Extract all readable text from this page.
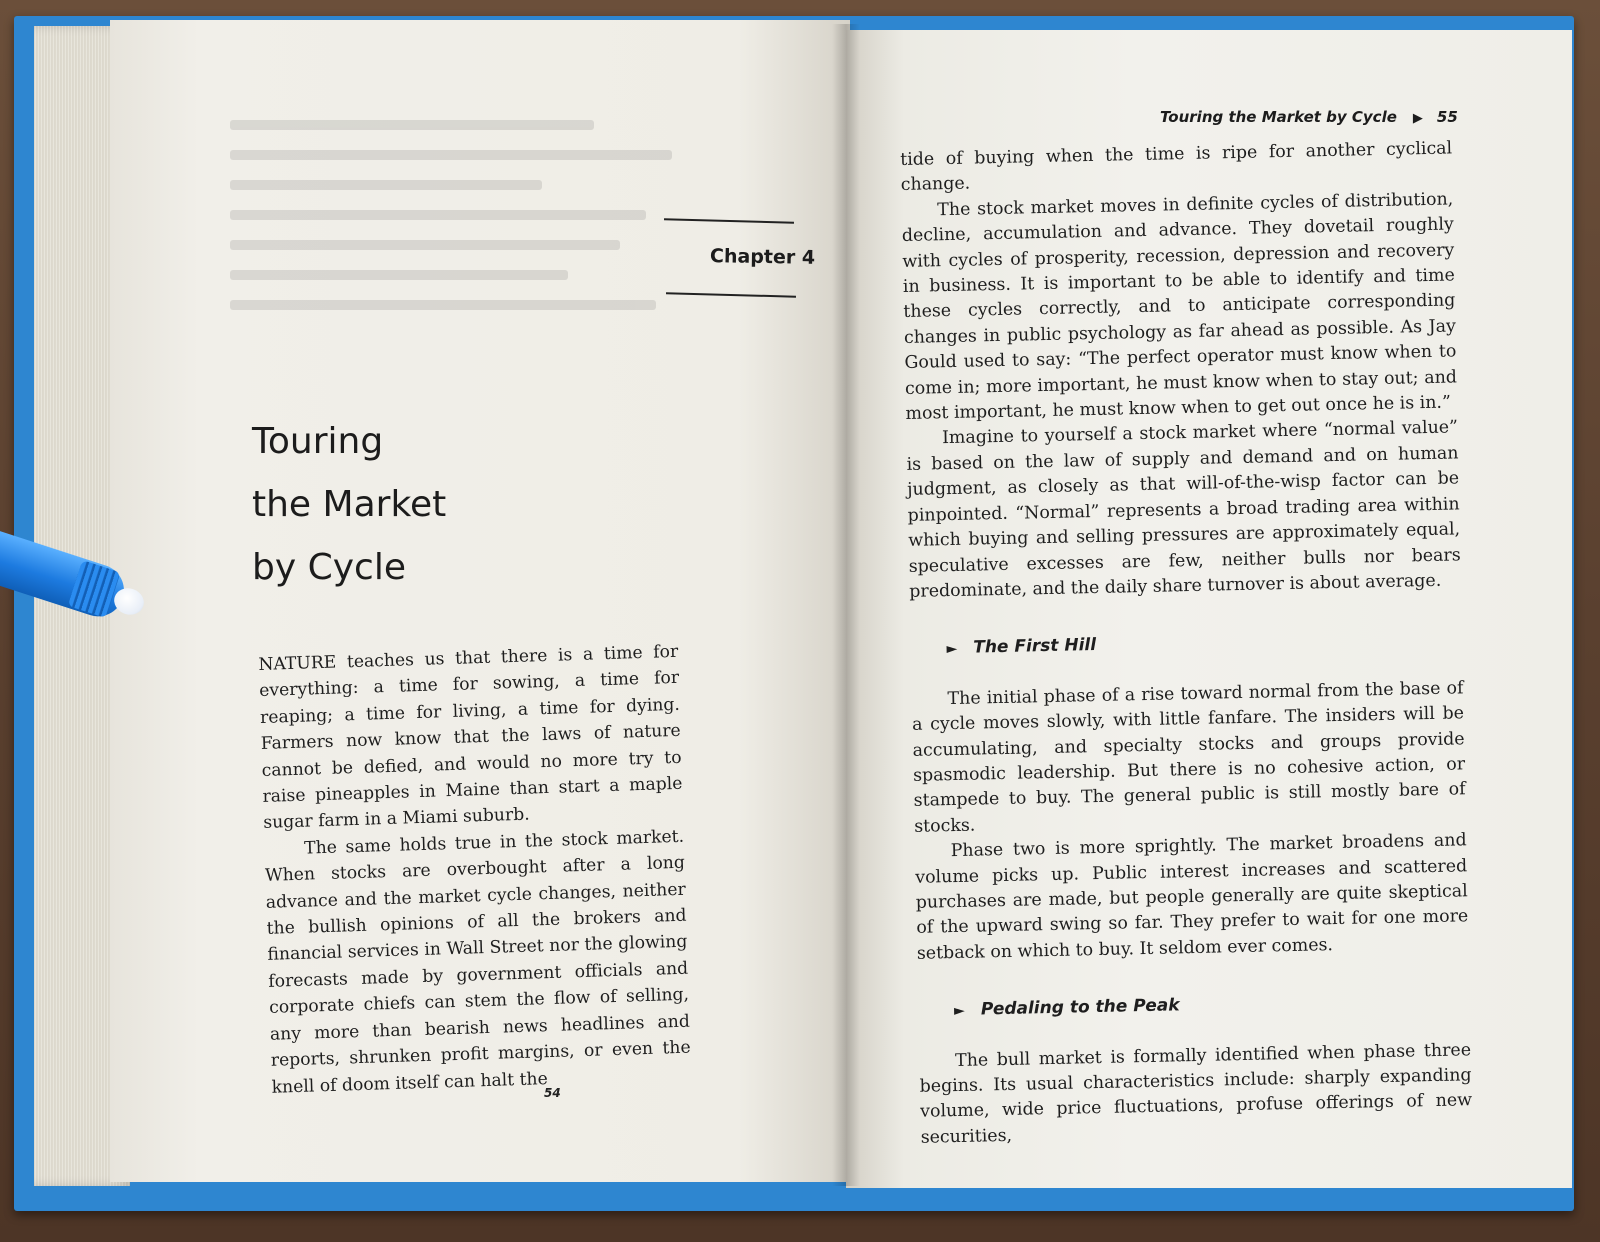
Chapter 4
Touring
the Market
by Cycle

NATURE teaches us that there is a time for everything: a time for sowing, a time for reaping; a time for living, a time for dying. Farmers now know that the laws of nature cannot be defied, and would no more try to raise pineapples in Maine than start a maple sugar farm in a Miami suburb.

The same holds true in the stock market. When stocks are overbought after a long advance and the market cycle changes, neither the bullish opinions of all the brokers and financial services in Wall Street nor the glowing forecasts made by government officials and corporate chiefs can stem the flow of selling, any more than bearish news headlines and reports, shrunken profit margins, or even the knell of doom itself can halt the

54
Touring the Market by Cycle ▶ 55

tide of buying when the time is ripe for another cyclical change.

The stock market moves in definite cycles of distribution, decline, accumulation and advance. They dovetail roughly with cycles of prosperity, recession, depression and recovery in business. It is important to be able to identify and time these cycles correctly, and to anticipate corresponding changes in public psychology as far ahead as possible. As Jay Gould used to say: “The perfect operator must know when to come in; more important, he must know when to stay out; and most important, he must know when to get out once he is in.”

Imagine to yourself a stock market where “normal value” is based on the law of supply and demand and on human judgment, as closely as that will-of-the-wisp factor can be pinpointed. “Normal” represents a broad trading area within which buying and selling pressures are approximately equal, speculative excesses are few, neither bulls nor bears predominate, and the daily share turnover is about average.

► The First Hill

The initial phase of a rise toward normal from the base of a cycle moves slowly, with little fanfare. The insiders will be accumulating, and specialty stocks and groups provide spasmodic leadership. But there is no cohesive action, or stampede to buy. The general public is still mostly bare of stocks.

Phase two is more sprightly. The market broadens and volume picks up. Public interest increases and scattered purchases are made, but people generally are quite skeptical of the upward swing so far. They prefer to wait for one more setback on which to buy. It seldom ever comes.

► Pedaling to the Peak

The bull market is formally identified when phase three begins. Its usual characteristics include: sharply expanding volume, wide price fluctuations, profuse offerings of new securities,
